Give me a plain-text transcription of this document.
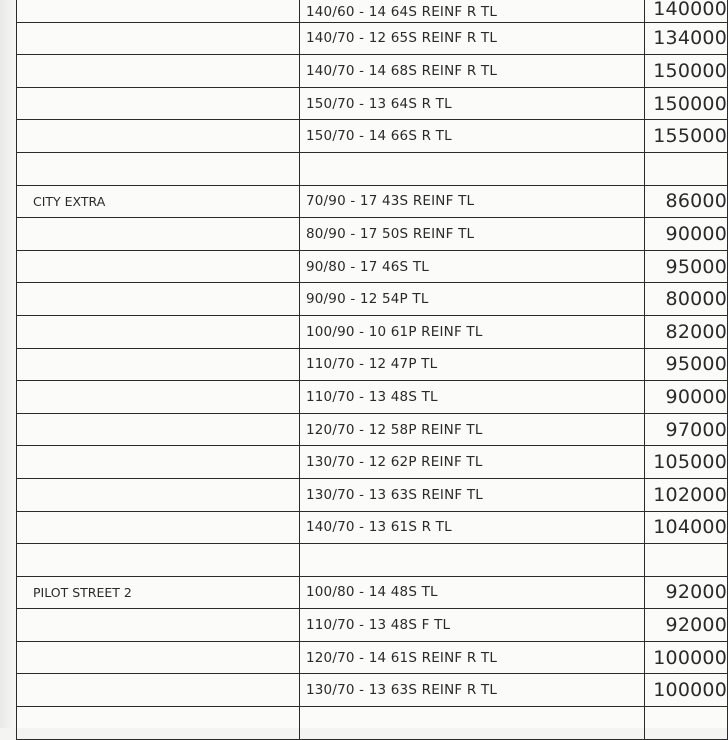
	140/60 - 14 64S REINF R TL	140000
	140/70 - 12 65S REINF R TL	134000
	140/70 - 14 68S REINF R TL	150000
	150/70 - 13 64S R TL	150000
	150/70 - 14 66S R TL	155000

CITY EXTRA	70/90 - 17 43S REINF TL	86000
	80/90 - 17 50S REINF TL	90000
	90/80 - 17 46S TL	95000
	90/90 - 12 54P TL	80000
	100/90 - 10 61P REINF TL	82000
	110/70 - 12 47P TL	95000
	110/70 - 13 48S TL	90000
	120/70 - 12 58P REINF TL	97000
	130/70 - 12 62P REINF TL	105000
	130/70 - 13 63S REINF TL	102000
	140/70 - 13 61S R TL	104000

PILOT STREET 2	100/80 - 14 48S TL	92000
	110/70 - 13 48S F TL	92000
	120/70 - 14 61S REINF R TL	100000
	130/70 - 13 63S REINF R TL	100000
